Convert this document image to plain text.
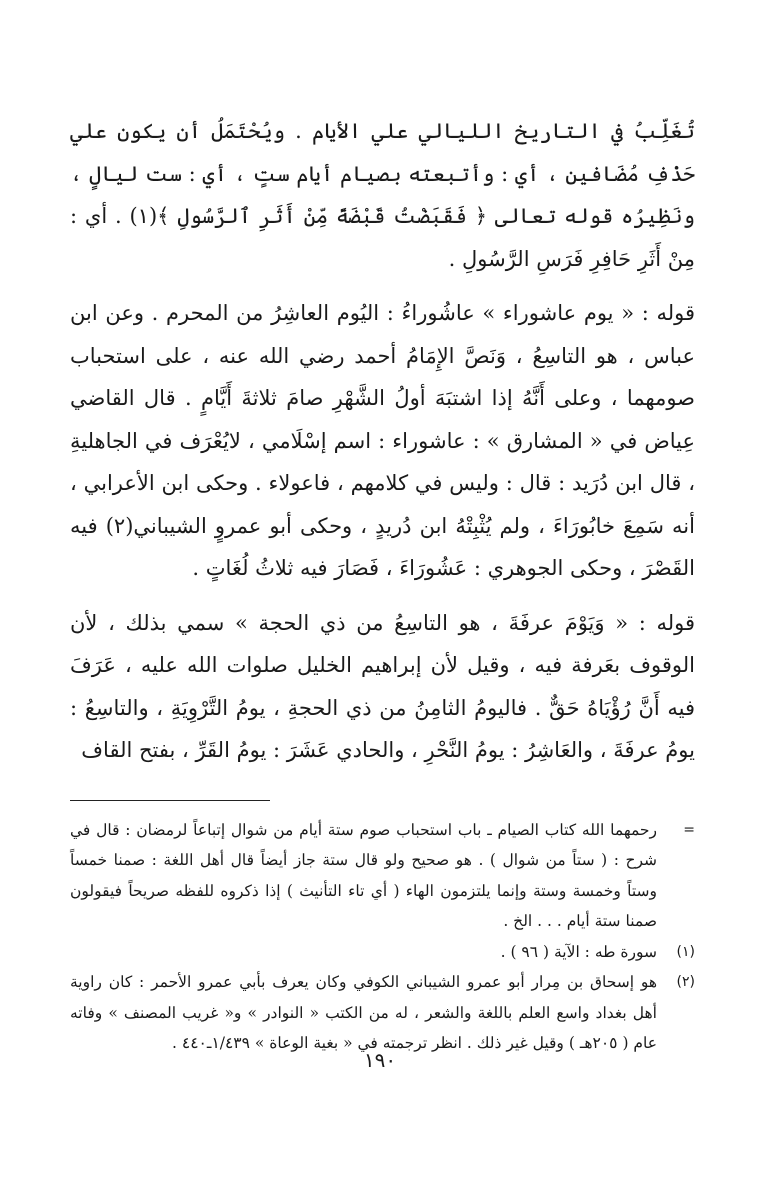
تُغَلِّبُ في التاريخ الليالي علي الأيام . ويُحْتَمَلُ أن يكون علي حَذْفِ مُضَافين ، أي : وأتبعته بصيام أيام ستٍ ، أي : ست ليالٍ ، ونَظِيرُه قوله تعالى ﴿ فَقَبَضْتُ قَبْضَةً مِّنْ أَثَرِ ٱلرَّسُولِ ﴾(١) . أي : مِنْ أَثَرِ حَافِرِ فَرَسِ الرَّسُولِ .

قوله : « يوم عاشوراء » عاشُوراءُ : اليُوم العاشِرُ من المحرم . وعن ابن عباس ، هو التاسِعُ ، وَنَصَّ الإِمَامُ أحمد رضي الله عنه ، على استحباب صومهما ، وعلى أَنَّهُ إذا اشتبَهَ أولُ الشَّهْرِ صامَ ثلاثةَ أَيَّامٍ . قال القاضي عِياض في « المشارق » : عاشوراء : اسم إسْلَامي ، لايُعْرَف في الجاهليةِ ، قال ابن دُرَيد : قال : وليس في كلامهم ، فاعولاء . وحكى ابن الأعرابي ، أنه سَمِعَ خابُورَاءَ ، ولم يُثْبِتْهُ ابن دُريدٍ ، وحكى أبو عمروٍ الشيباني(٢) فيه القَصْرَ ، وحكى الجوهري : عَشُورَاءَ ، فَصَارَ فيه ثلاثُ لُغَاتٍ .

قوله : « وَيَوْمَ عرفَةَ ، هو التاسِعُ من ذي الحجة » سمي بذلك ، لأن الوقوف بعَرفة فيه ، وقيل لأن إبراهيم الخليل صلوات الله عليه ، عَرَفَ فيه أَنَّ رُؤْيَاهُ حَقٌّ . فاليومُ الثامِنُ من ذي الحجةِ ، يومُ التَّرْوِيَةِ ، والتاسِعُ : يومُ عرفَةَ ، والعَاشِرُ : يومُ النَّحْرِ ، والحادي عَشَرَ : يومُ القَرِّ ، بفتح القاف

=
رحمهما الله كتاب الصيام ـ باب استحباب صوم ستة أيام من شوال إتباعاً لرمضان : قال في شرح : ( ستاً من شوال ) . هو صحيح ولو قال ستة جاز أيضاً قال أهل اللغة : صمنا خمساً وستاً وخمسة وستة وإنما يلتزمون الهاء ( أي تاء التأنيث ) إذا ذكروه للفظه صريحاً فيقولون صمنا ستة أيام . . . الخ .
(١)
سورة طه : الآية ( ٩٦ ) .
(٢)
هو إسحاق بن مِرار أبو عمرو الشيباني الكوفي وكان يعرف بأبي عمرو الأحمر : كان راوية أهل بغداد واسع العلم باللغة والشعر ، له من الكتب « النوادر » و« غريب المصنف » وفاته عام ( ٢٠٥هـ ) وقيل غير ذلك . انظر ترجمته في « بغية الوعاة » ١/٤٣٩ـ٤٤٠ .
١٩٠
